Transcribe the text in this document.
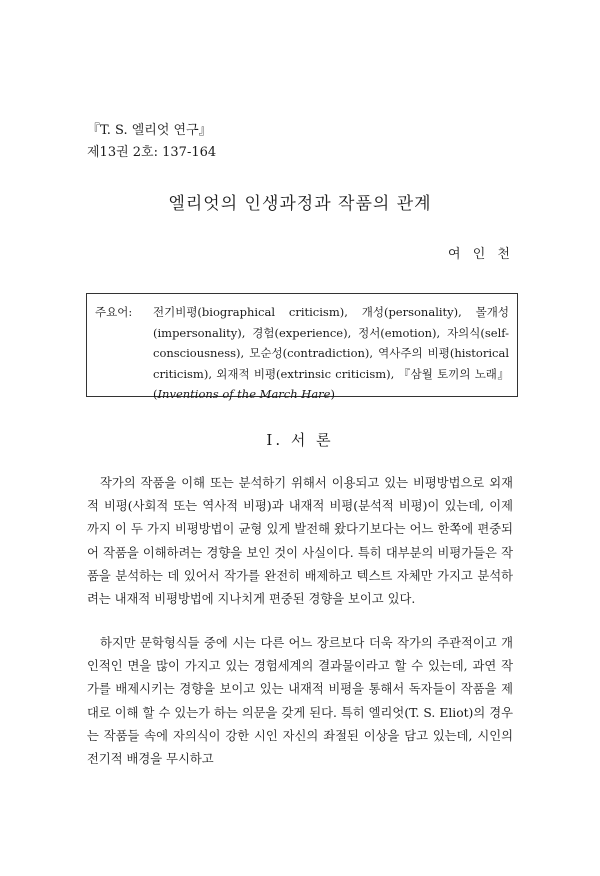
『T. S. 엘리엇 연구』
제13권 2호: 137-164
엘리엇의 인생과정과 작품의 관계
여 인 천
주요어: 전기비평(biographical criticism), 개성(personality), 몰개성(impersonality), 경험(experience), 정서(emotion), 자의식(self-consciousness), 모순성(contradiction), 역사주의 비평(historical criticism), 외재적 비평(extrinsic criticism), 『삼월 토끼의 노래』(Inventions of the March Hare)
Ⅰ. 서 론

작가의 작품을 이해 또는 분석하기 위해서 이용되고 있는 비평방법으로 외재적 비평(사회적 또는 역사적 비평)과 내재적 비평(분석적 비평)이 있는데, 이제까지 이 두 가지 비평방법이 균형 있게 발전해 왔다기보다는 어느 한쪽에 편중되어 작품을 이해하려는 경향을 보인 것이 사실이다. 특히 대부분의 비평가들은 작품을 분석하는 데 있어서 작가를 완전히 배제하고 텍스트 자체만 가지고 분석하려는 내재적 비평방법에 지나치게 편중된 경향을 보이고 있다.

하지만 문학형식들 중에 시는 다른 어느 장르보다 더욱 작가의 주관적이고 개인적인 면을 많이 가지고 있는 경험세계의 결과물이라고 할 수 있는데, 과연 작가를 배제시키는 경향을 보이고 있는 내재적 비평을 통해서 독자들이 작품을 제대로 이해 할 수 있는가 하는 의문을 갖게 된다. 특히 엘리엇(T. S. Eliot)의 경우는 작품들 속에 자의식이 강한 시인 자신의 좌절된 이상을 담고 있는데, 시인의 전기적 배경을 무시하고
